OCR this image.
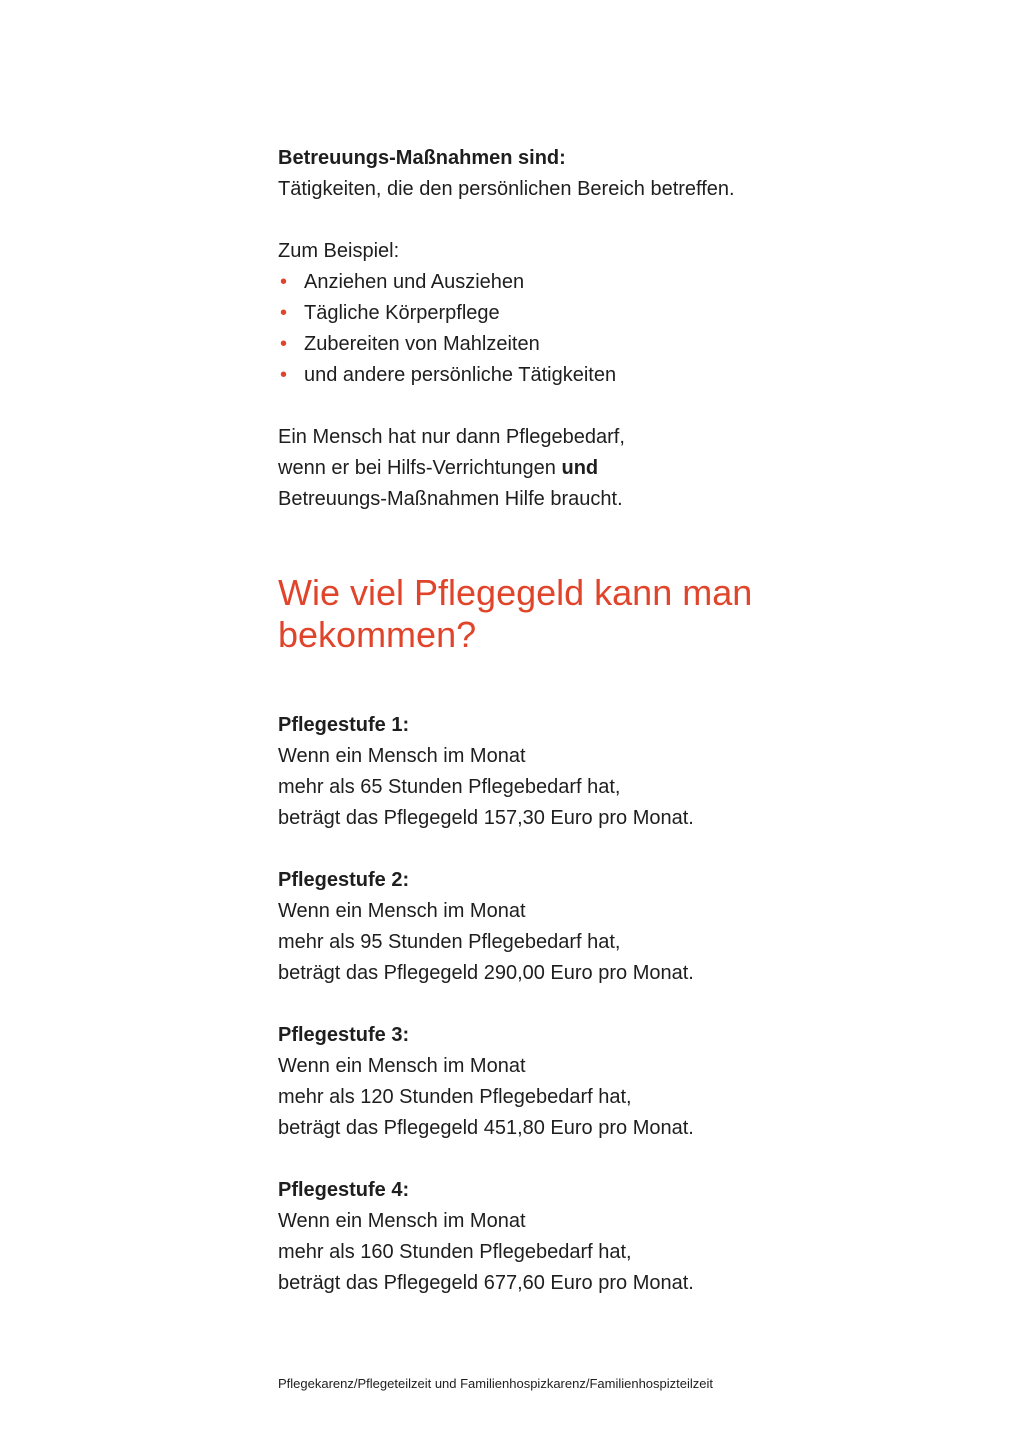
Betreuungs-Maßnahmen sind:

Tätigkeiten, die den persönlichen Bereich betreffen.

Zum Beispiel:

• Anziehen und Ausziehen
• Tägliche Körperpflege
• Zubereiten von Mahlzeiten
• und andere persönliche Tätigkeiten

Ein Mensch hat nur dann Pflegebedarf,

wenn er bei Hilfs-Verrichtungen und

Betreuungs-Maßnahmen Hilfe braucht.

Wie viel Pflegegeld kann man
bekommen?

Pflegestufe 1:

Wenn ein Mensch im Monat

mehr als 65 Stunden Pflegebedarf hat,

beträgt das Pflegegeld 157,30 Euro pro Monat.

Pflegestufe 2:

Wenn ein Mensch im Monat

mehr als 95 Stunden Pflegebedarf hat,

beträgt das Pflegegeld 290,00 Euro pro Monat.

Pflegestufe 3:

Wenn ein Mensch im Monat

mehr als 120 Stunden Pflegebedarf hat,

beträgt das Pflegegeld 451,80 Euro pro Monat.

Pflegestufe 4:

Wenn ein Mensch im Monat

mehr als 160 Stunden Pflegebedarf hat,

beträgt das Pflegegeld 677,60 Euro pro Monat.

Pflegekarenz/Pflegeteilzeit und Familienhospizkarenz/Familienhospizteilzeit
